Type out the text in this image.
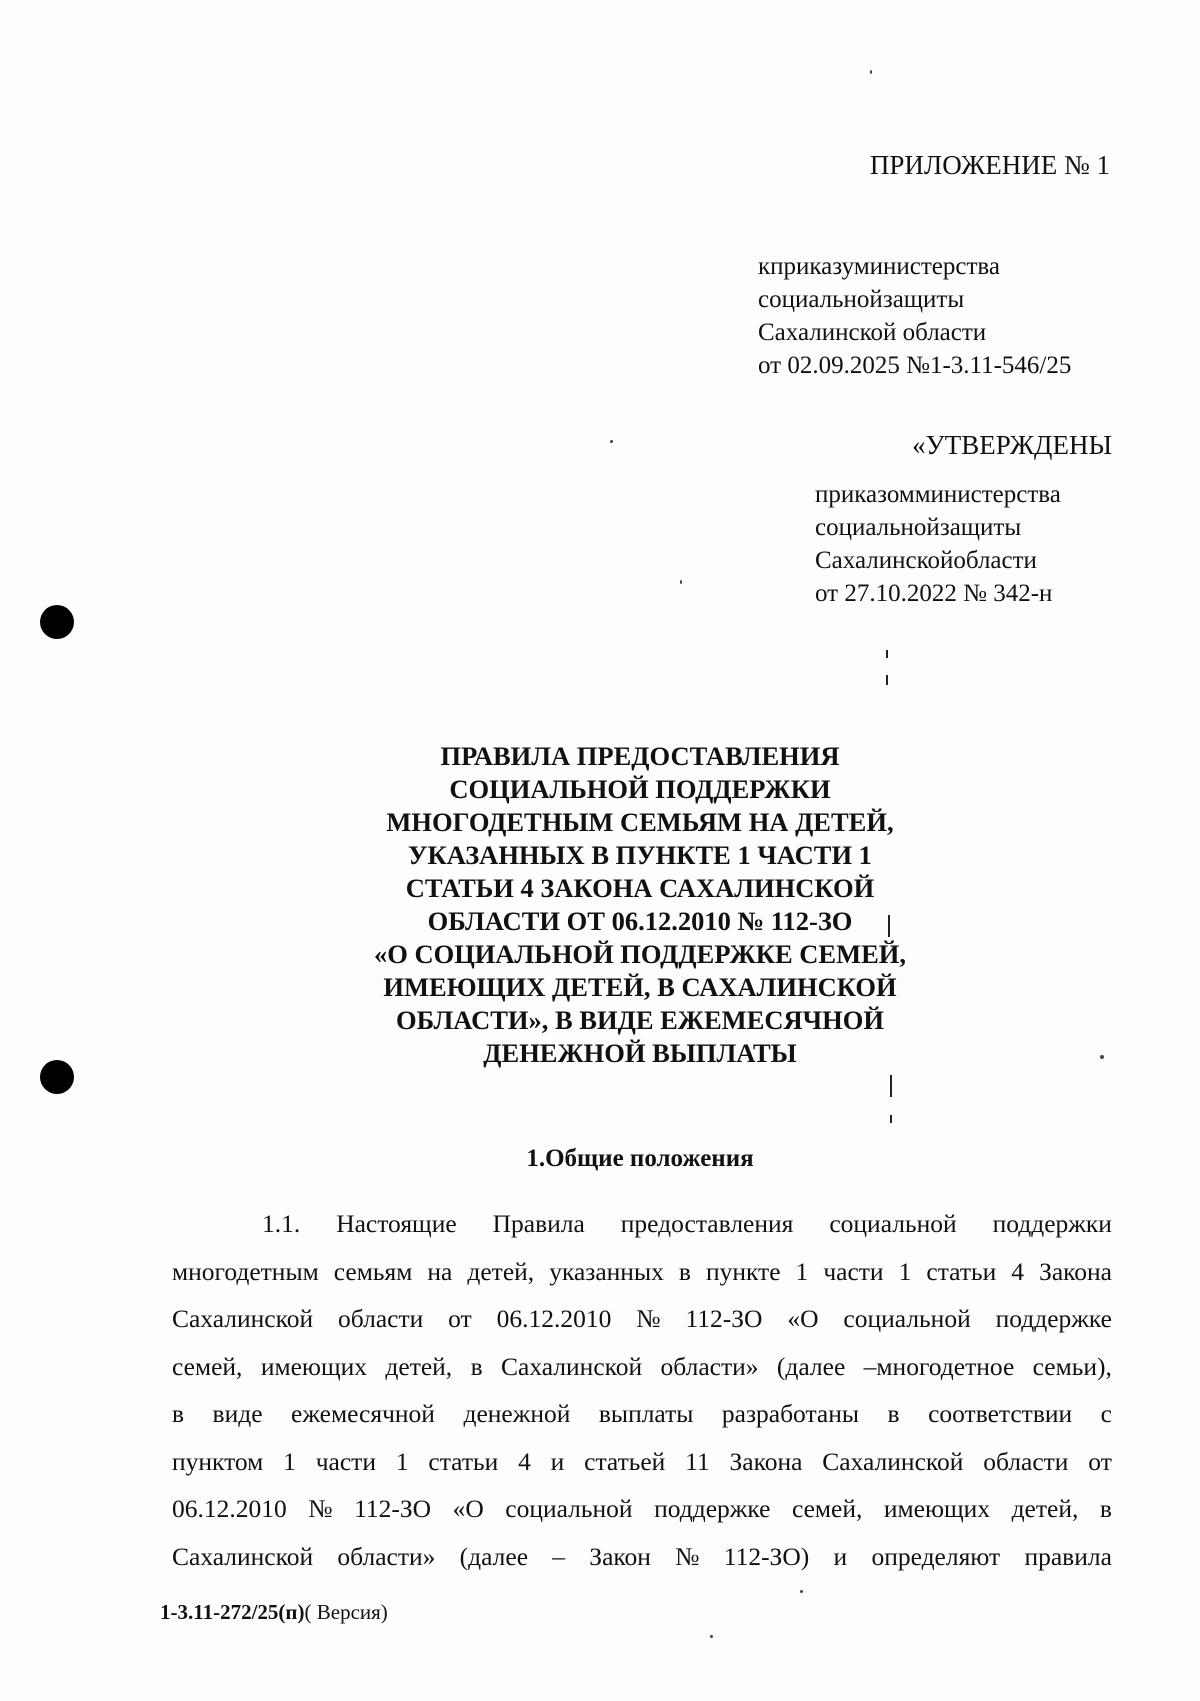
ПРИЛОЖЕНИЕ № 1
кприказуминистерства
социальнойзащиты
Сахалинской области
от 02.09.2025 №1-3.11-546/25
«УТВЕРЖДЕНЫ
приказомминистерства
социальнойзащиты
Сахалинскойобласти
от 27.10.2022 № 342-н
ПРАВИЛА ПРЕДОСТАВЛЕНИЯ
СОЦИАЛЬНОЙ ПОДДЕРЖКИ
МНОГОДЕТНЫМ СЕМЬЯМ НА ДЕТЕЙ,
УКАЗАННЫХ В ПУНКТЕ 1 ЧАСТИ 1
СТАТЬИ 4 ЗАКОНА САХАЛИНСКОЙ
ОБЛАСТИ ОТ 06.12.2010 № 112-ЗО
«О СОЦИАЛЬНОЙ ПОДДЕРЖКЕ СЕМЕЙ,
ИМЕЮЩИХ ДЕТЕЙ, В САХАЛИНСКОЙ
ОБЛАСТИ», В ВИДЕ ЕЖЕМЕСЯЧНОЙ
ДЕНЕЖНОЙ ВЫПЛАТЫ
1.Общие положения
1.1. Настоящие Правила предоставления социальной поддержки
многодетным семьям на детей, указанных в пункте 1 части 1 статьи 4 Закона
Сахалинской области от 06.12.2010 № 112-ЗО «О социальной поддержке
семей, имеющих детей, в Сахалинской области» (далее –многодетное семьи),
в виде ежемесячной денежной выплаты разработаны в соответствии с
пунктом 1 части 1 статьи 4 и статьей 11 Закона Сахалинской области от
06.12.2010 № 112-ЗО «О социальной поддержке семей, имеющих детей, в
Сахалинской области» (далее – Закон № 112-ЗО) и определяют правила
1-3.11-272/25(п)( Версия)
